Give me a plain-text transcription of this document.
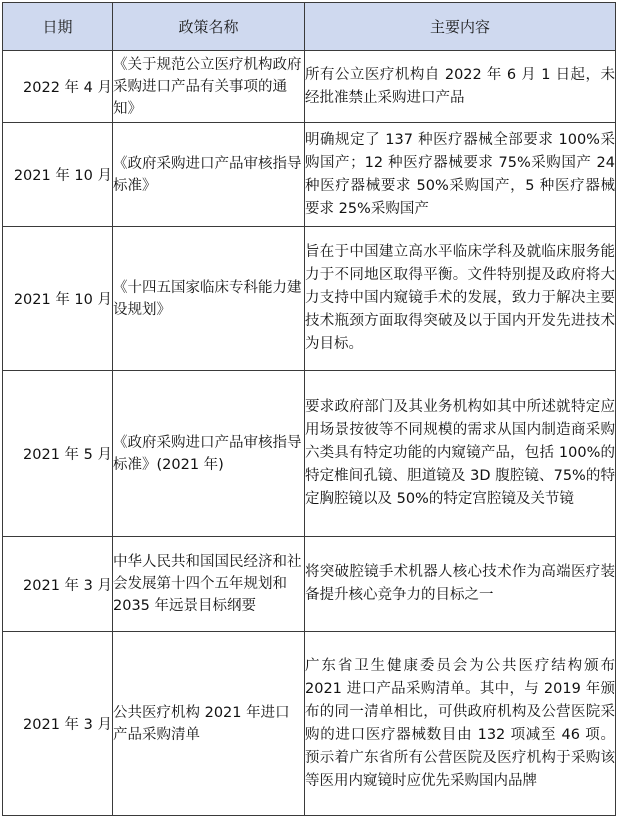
日期	政策名称	主要内容
2022 年 4 月	《关于规范公立医疗机构政府采购进口产品有关事项的通知》	所有公立医疗机构自 2022 年 6 月 1 日起，未经批准禁止采购进口产品
2021 年 10 月	《政府采购进口产品审核指导标准》	明确规定了 137 种医疗器械全部要求 100%采购国产；12 种医疗器械要求 75%采购国产 24 种医疗器械要求 50%采购国产，5 种医疗器械要求 25%采购国产
2021 年 10 月	《十四五国家临床专科能力建设规划》	旨在于中国建立高水平临床学科及就临床服务能力于不同地区取得平衡。文件特别提及政府将大力支持中国内窥镜手术的发展，致力于解决主要技术瓶颈方面取得突破及以于国内开发先进技术为目标。
2021 年 5 月	《政府采购进口产品审核指导标准》(2021 年)	要求政府部门及其业务机构如其中所述就特定应用场景按彼等不同规模的需求从国内制造商采购六类具有特定功能的内窥镜产品，包括 100%的特定椎间孔镜、胆道镜及 3D 腹腔镜、75%的特定胸腔镜以及 50%的特定宫腔镜及关节镜
2021 年 3 月	中华人民共和国国民经济和社会发展第十四个五年规划和 2035 年远景目标纲要	将突破腔镜手术机器人核心技术作为高端医疗装备提升核心竞争力的目标之一
2021 年 3 月	公共医疗机构 2021 年进口产品采购清单	广东省卫生健康委员会为公共医疗结构颁布 2021 进口产品采购清单。其中，与 2019 年颁布的同一清单相比，可供政府机构及公营医院采购的进口医疗器械数目由 132 项减至 46 项。预示着广东省所有公营医院及医疗机构于采购该等医用内窥镜时应优先采购国内品牌
